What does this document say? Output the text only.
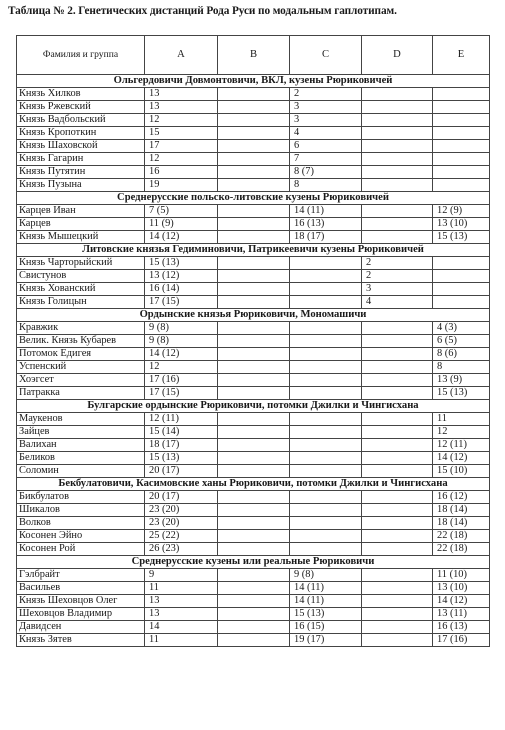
Таблица № 2. Генетических дистанций Рода Руси по модальным гаплотипам.
Фамилия и группа	A	B	C	D	E
Ольгердовичи Довмонтовичи, ВКЛ, кузены Рюриковичей					
Князь Хилков	13		2		
Князь Ржевский	13		3		
Князь Вадбольский	12		3		
Князь Кропоткин	15		4		
Князь Шаховской	17		6		
Князь Гагарин	12		7		
Князь Путятин	16		8 (7)		
Князь Пузына	19		8		
Среднерусские польско-литовские кузены Рюриковичей					
Карцев Иван	7 (5)		14 (11)		12 (9)
Карцев	11 (9)		16 (13)		13 (10)
Князь Мышецкий	14 (12)		18 (17)		15 (13)
Литовские князья Гедиминовичи, Патрикеевичи кузены Рюриковичей					
Князь Чарторыйский	15 (13)			2	
Свистунов	13 (12)			2	
Князь Хованский	16 (14)			3	
Князь Голицын	17 (15)			4	
Ордынские князья Рюриковичи, Мономашичи					
Кравжик	9 (8)				4 (3)
Велик. Князь Кубарев	9 (8)				6 (5)
Потомок Едигея	14 (12)				8 (6)
Успенский	12				8
Хоэгсет	17 (16)				13 (9)
Патракка	17 (15)				15 (13)
Булгарские ордынские Рюриковичи, потомки Джилки и Чингисхана					
Маукенов	12 (11)				11
Зайцев	15 (14)				12
Валихан	18 (17)				12 (11)
Беликов	15 (13)				14 (12)
Соломин	20 (17)				15 (10)
Бекбулатовичи, Касимовские ханы Рюриковичи, потомки Джилки и Чингисхана					
Бикбулатов	20 (17)				16 (12)
Шикалов	23 (20)				18 (14)
Волков	23 (20)				18 (14)
Косонен Эйно	25 (22)				22 (18)
Косонен Рой	26 (23)				22 (18)
Среднерусские кузены или реальные Рюриковичи					
Гэлбрайт	9		9 (8)		11 (10)
Васильев	11		14 (11)		13 (10)
Князь Шеховцов Олег	13		14 (11)		14 (12)
Шеховцов Владимир	13		15 (13)		13 (11)
Давидсен	14		16 (15)		16 (13)
Князь Зятев	11		19 (17)		17 (16)
